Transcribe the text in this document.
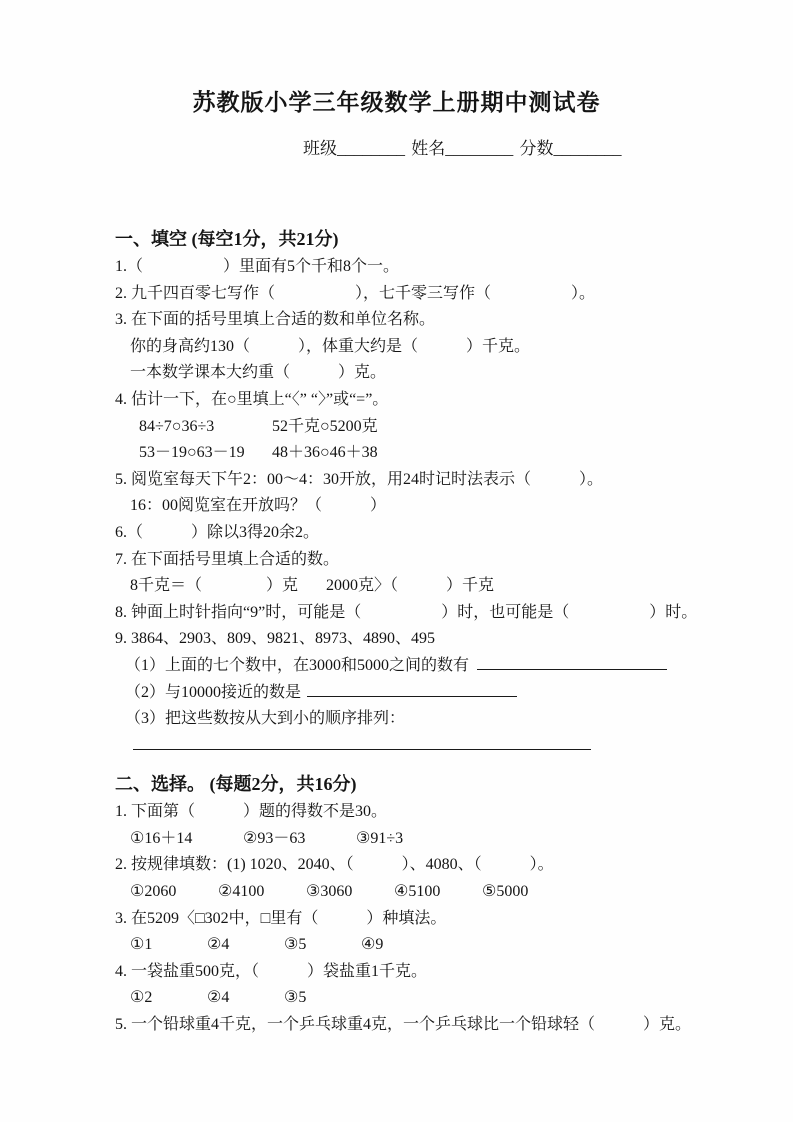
苏教版小学三年级数学上册期中测试卷
班级________ 姓名________ 分数________
一、填空 (每空1分，共21分)
1.（　　　　　）里面有5个千和8个一。
2. 九千四百零七写作（　　　　　），七千零三写作（　　　　　）。
3. 在下面的括号里填上合适的数和单位名称。
你的身高约130（　　　），体重大约是（　　　）千克。
一本数学课本大约重（　　　）克。
4. 估计一下，在○里填上“〈” “〉”或“=”。
84÷7○36÷3	52千克○5200克
53－19○63－19 48＋36○46＋38
5. 阅览室每天下午2：00～4：30开放，用24时记时法表示（　　　）。
16：00阅览室在开放吗？（　　　）
6.（　　　）除以3得20余2。
7. 在下面括号里填上合适的数。
8千克＝（　　　　）克 2000克〉（　　　）千克
8. 钟面上时针指向“9”时，可能是（　　　　　）时，也可能是（　　　　　）时。
9. 3864、2903、809、9821、8973、4890、495
（1）上面的七个数中，在3000和5000之间的数有
（2）与10000接近的数是
（3）把这些数按从大到小的顺序排列：
二、选择。 (每题2分，共16分)
1. 下面第（　　　）题的得数不是30。
①16＋14	②93－63	③91÷3
2. 按规律填数：(1) 1020、2040、（　　　）、4080、（　　　）。
①2060	②4100	③3060	④5100	⑤5000
3. 在5209〈□302中，□里有（　　　）种填法。
①1	②4	③5	④9
4. 一袋盐重500克，（　　　）袋盐重1千克。
①2	②4	③5
5. 一个铅球重4千克，一个乒乓球重4克，一个乒乓球比一个铅球轻（　　　）克。
